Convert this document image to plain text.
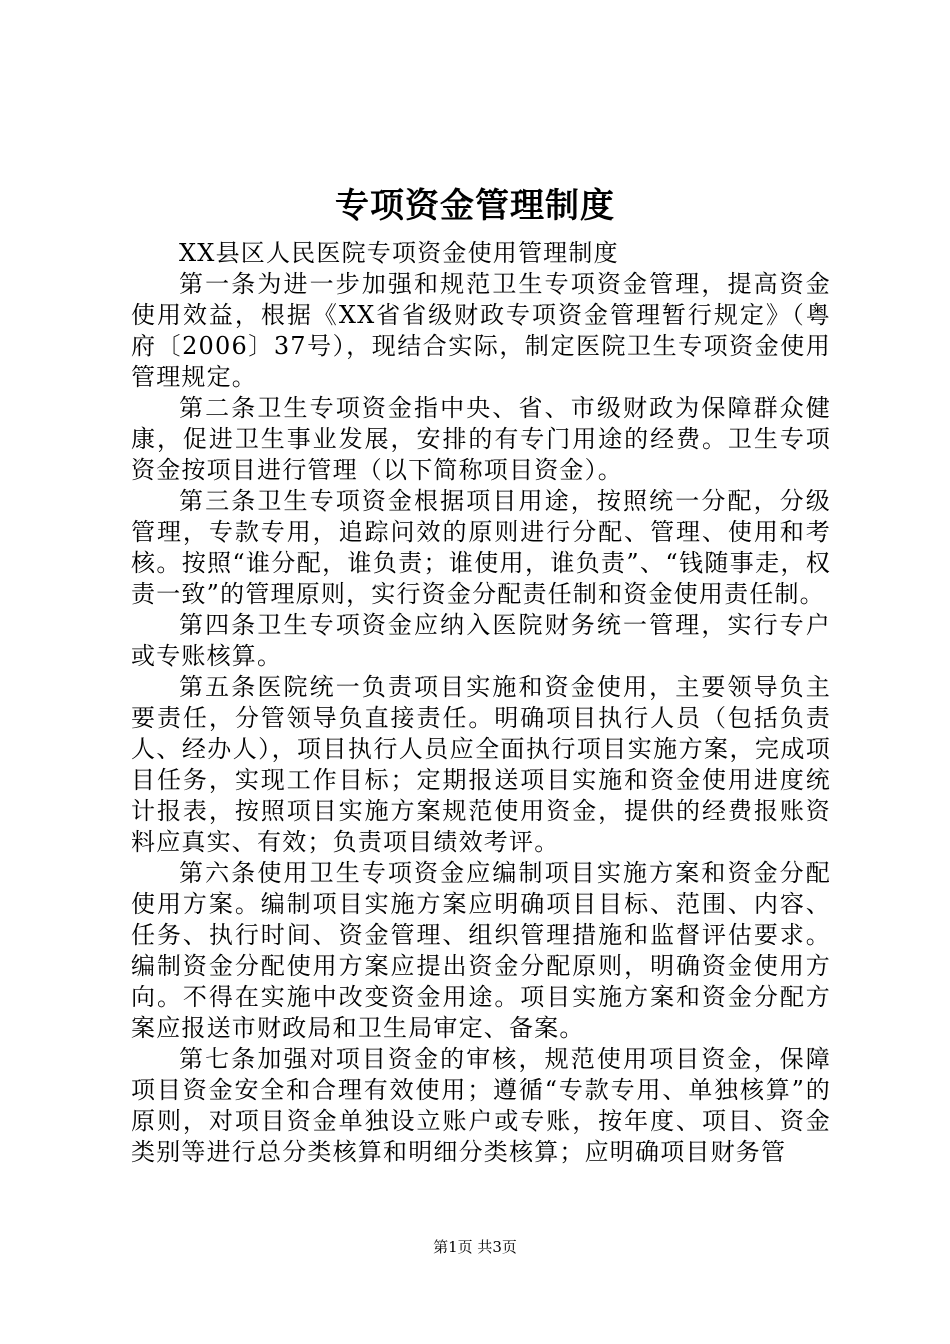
专项资金管理制度

XX县区人民医院专项资金使用管理制度

第一条为进一步加强和规范卫生专项资金管理，提高资金使用效益，根据《XX省省级财政专项资金管理暂行规定》（粤府〔2006〕37号），现结合实际，制定医院卫生专项资金使用管理规定。

第二条卫生专项资金指中央、省、市级财政为保障群众健康，促进卫生事业发展，安排的有专门用途的经费。卫生专项资金按项目进行管理（以下简称项目资金）。

第三条卫生专项资金根据项目用途，按照统一分配，分级管理，专款专用，追踪问效的原则进行分配、管理、使用和考核。按照“谁分配，谁负责；谁使用，谁负责”、“钱随事走，权责一致”的管理原则，实行资金分配责任制和资金使用责任制。

第四条卫生专项资金应纳入医院财务统一管理，实行专户或专账核算。

第五条医院统一负责项目实施和资金使用，主要领导负主要责任，分管领导负直接责任。明确项目执行人员（包括负责人、经办人），项目执行人员应全面执行项目实施方案，完成项目任务，实现工作目标；定期报送项目实施和资金使用进度统计报表，按照项目实施方案规范使用资金，提供的经费报账资料应真实、有效；负责项目绩效考评。

第六条使用卫生专项资金应编制项目实施方案和资金分配使用方案。编制项目实施方案应明确项目目标、范围、内容、任务、执行时间、资金管理、组织管理措施和监督评估要求。编制资金分配使用方案应提出资金分配原则，明确资金使用方向。不得在实施中改变资金用途。项目实施方案和资金分配方案应报送市财政局和卫生局审定、备案。

第七条加强对项目资金的审核，规范使用项目资金，保障项目资金安全和合理有效使用；遵循“专款专用、单独核算”的原则，对项目资金单独设立账户或专账，按年度、项目、资金类别等进行总分类核算和明细分类核算；应明确项目财务管

第1页 共3页
